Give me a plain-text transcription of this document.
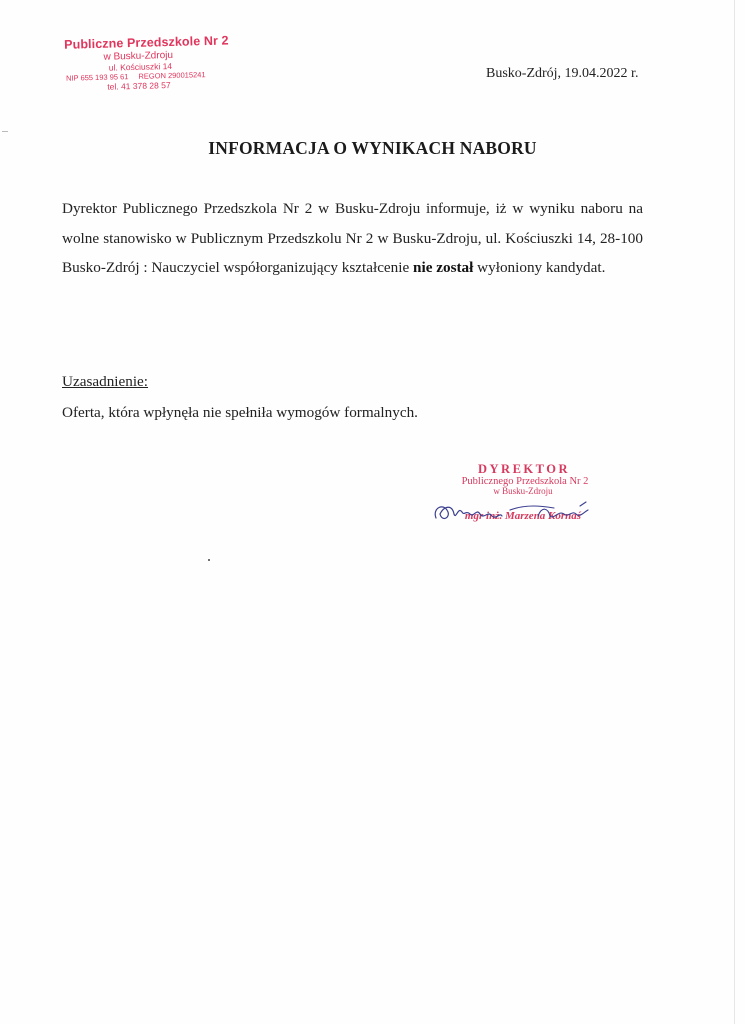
Publiczne Przedszkole Nr 2
w Busku-Zdroju
ul. Kościuszki 14
NIP 655 193 95 61 REGON 290015241
tel. 41 378 28 57
Busko-Zdrój, 19.04.2022 r.
INFORMACJA O WYNIKACH NABORU
Dyrektor Publicznego Przedszkola Nr 2 w Busku-Zdroju informuje, iż w wyniku naboru na wolne stanowisko w Publicznym Przedszkolu Nr 2 w Busku-Zdroju, ul. Kościuszki 14, 28-100 Busko-Zdrój : Nauczyciel współorganizujący kształcenie nie został wyłoniony kandydat.
Uzasadnienie:
Oferta, która wpłynęła nie spełniła wymogów formalnych.
DYREKTOR
Publicznego Przedszkola Nr 2
w Busku-Zdroju
mgr inż. Marzena Kornaś
